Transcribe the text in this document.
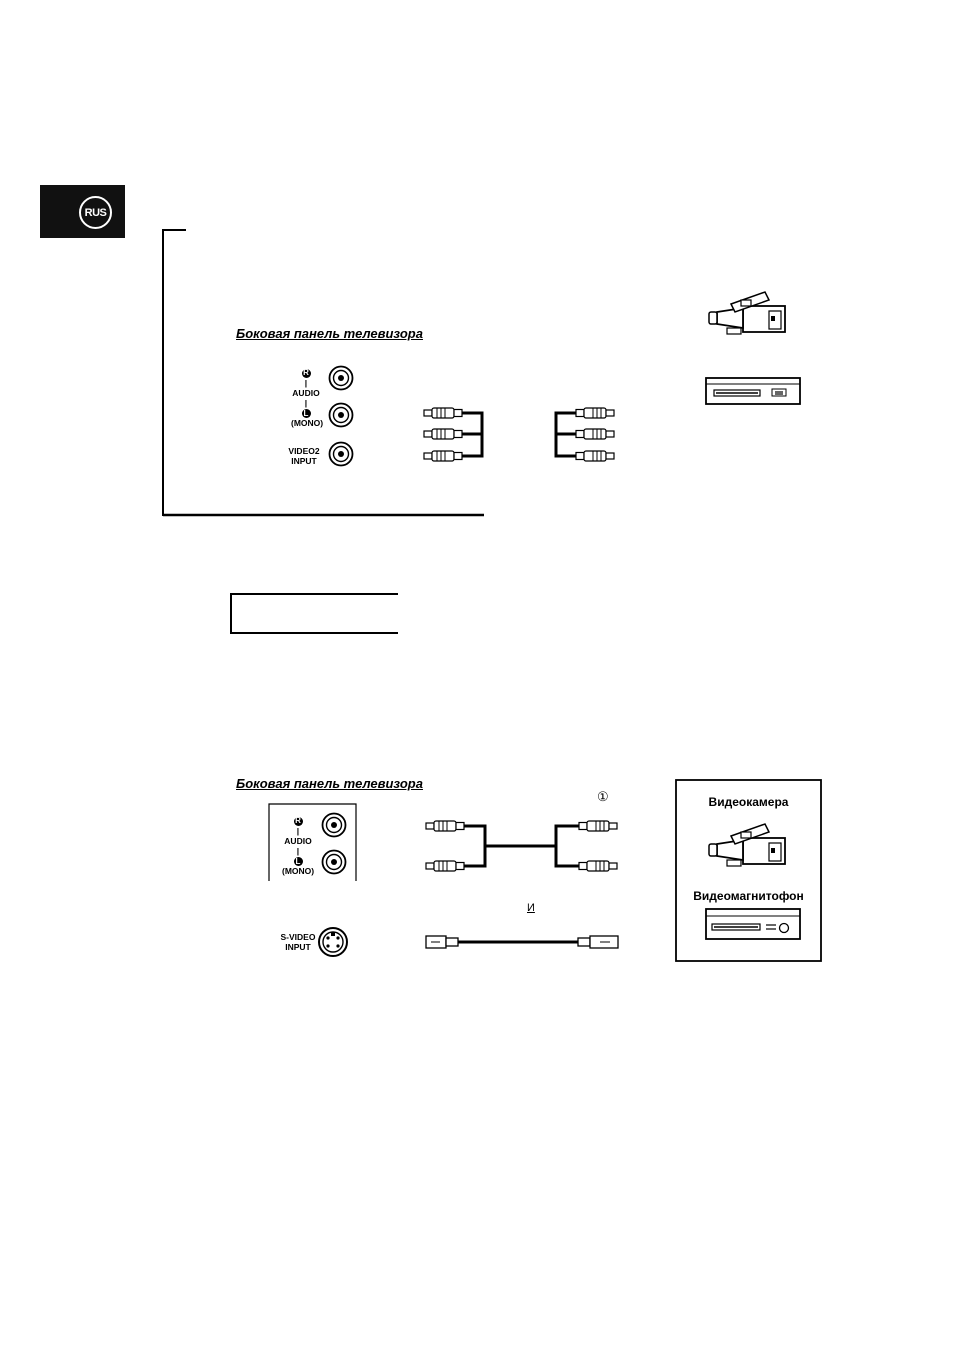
RUS
Боковая панель телевизора
R
|
AUDIO
|
L
(MONO)
VIDEO2
INPUT
Боковая панель телевизора
R
|
AUDIO
|
L
(MONO)
S-VIDEO
INPUT
①
И
Видеокамера
Видеомагнитофон
